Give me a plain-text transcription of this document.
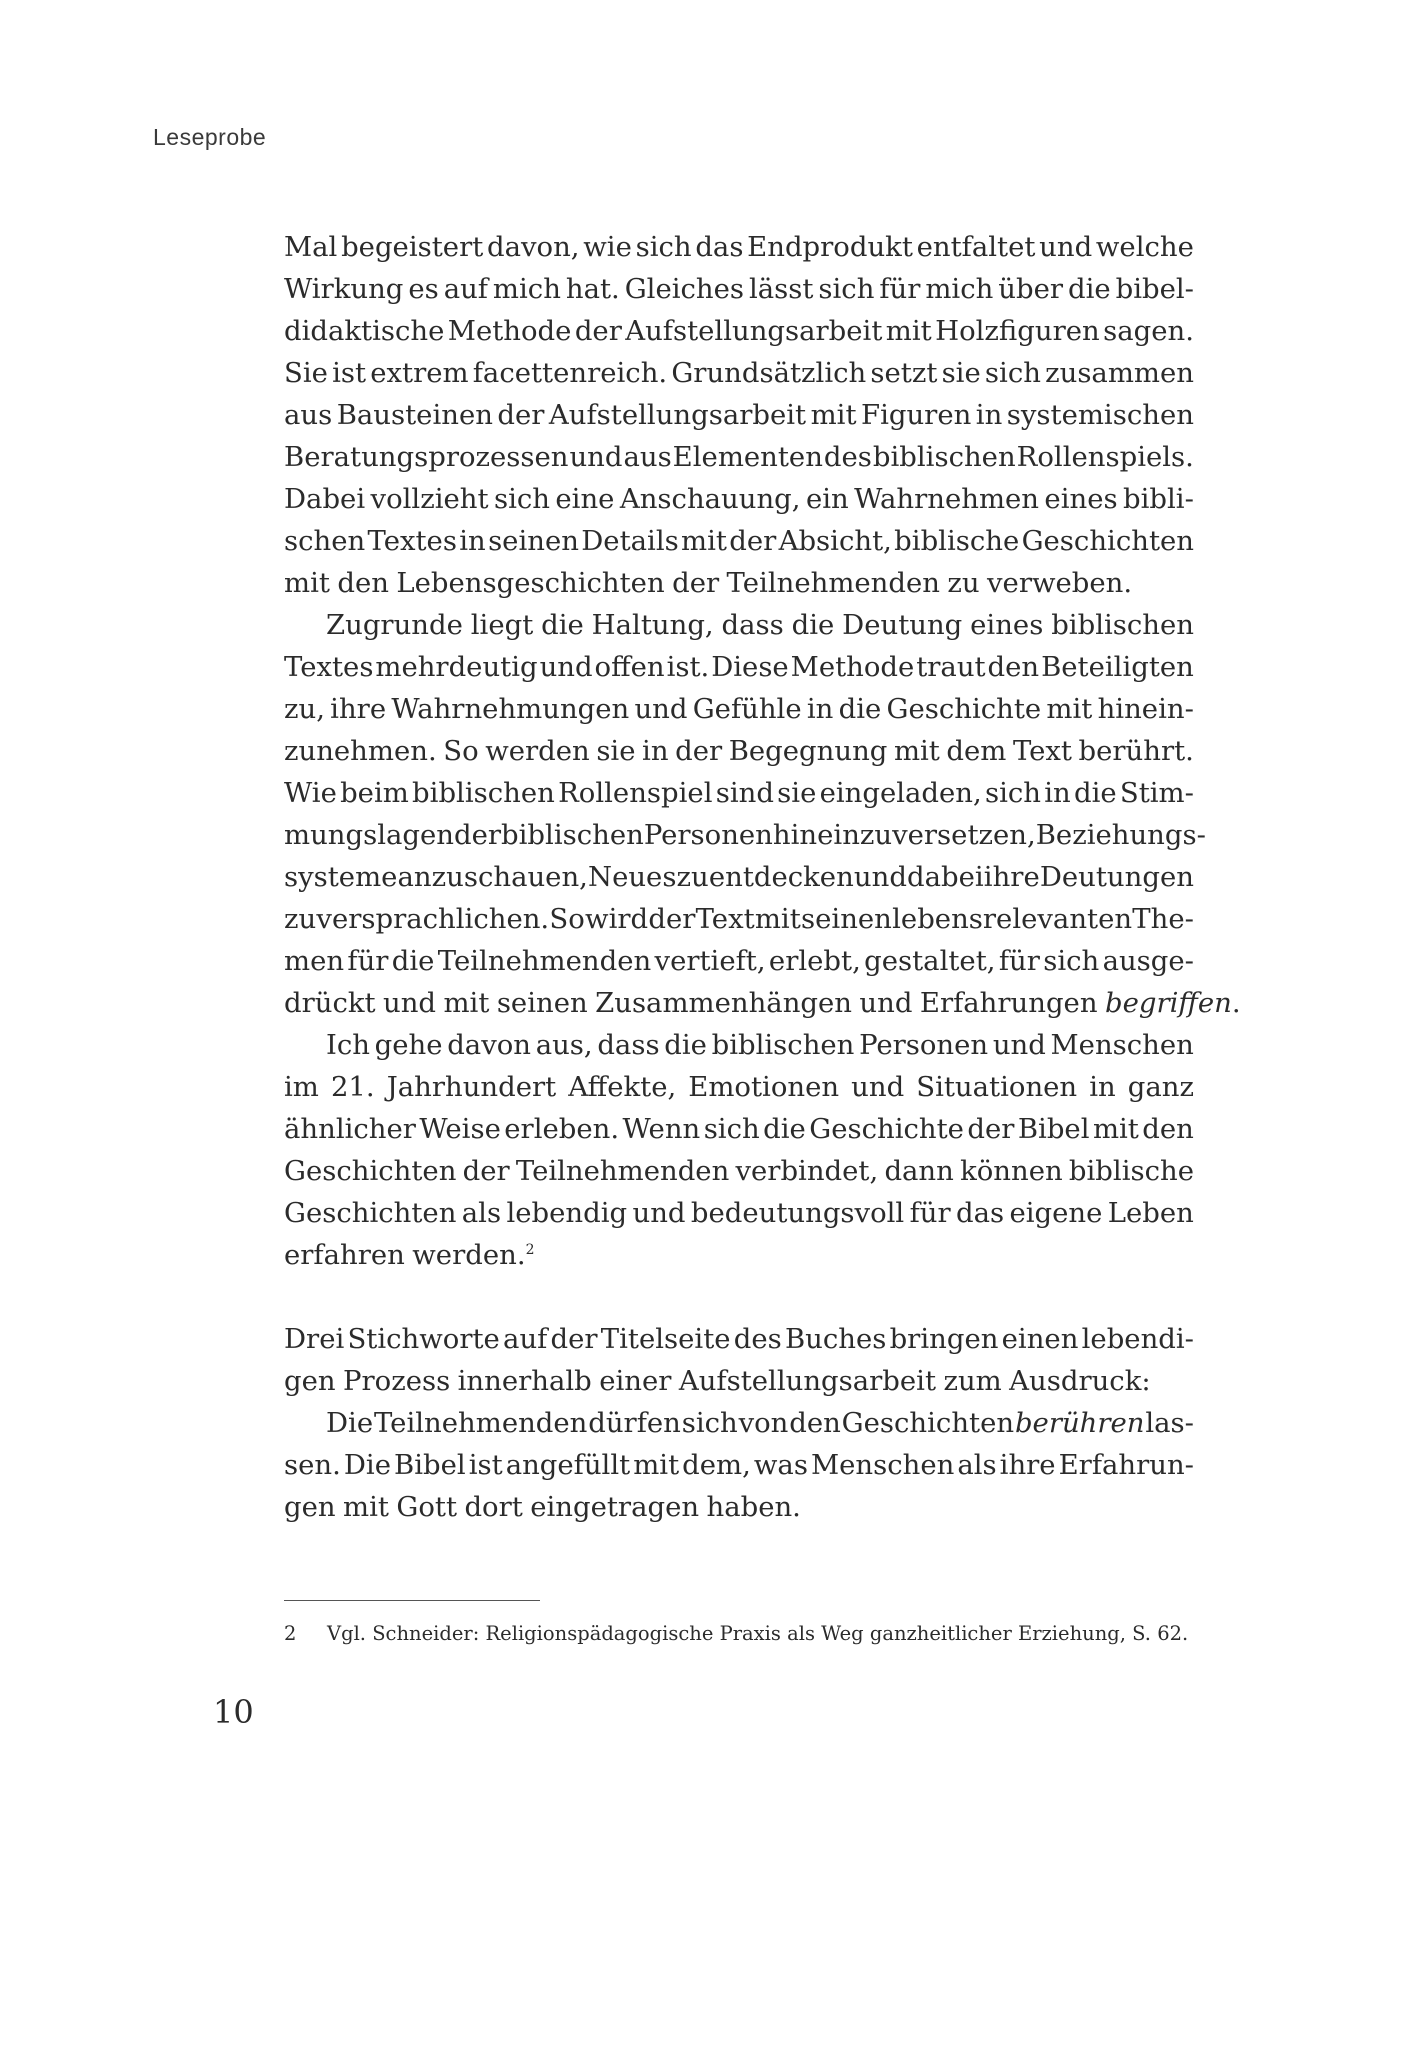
Leseprobe
Mal begeistert davon, wie sich das Endprodukt entfaltet und welche
Wirkung es auf mich hat. Gleiches lässt sich für mich über die bibel-
didaktische Methode der Aufstellungsarbeit mit Holzfiguren sagen.
Sie ist extrem facettenreich. Grundsätzlich setzt sie sich zusammen
aus Bausteinen der Aufstellungsarbeit mit Figuren in systemischen
Beratungsprozessen und aus Elementen des biblischen Rollenspiels.
Dabei vollzieht sich eine Anschauung, ein Wahrnehmen eines bibli-
schen Textes in seinen Details mit der Absicht, biblische Geschichten
mit den Lebensgeschichten der Teilnehmenden zu verweben.
Zugrunde liegt die Haltung, dass die Deutung eines biblischen
Textes mehrdeutig und offen ist. Diese Methode traut den Beteiligten
zu, ihre Wahrnehmungen und Gefühle in die Geschichte mit hinein-
zunehmen. So werden sie in der Begegnung mit dem Text berührt.
Wie beim biblischen Rollenspiel sind sie eingeladen, sich in die Stim-
mungslagen der biblischen Personen hineinzuversetzen, Beziehungs-
systeme anzuschauen, Neues zu entdecken und dabei ihre Deutungen
zu versprachlichen. So wird der Text mit seinen lebensrelevanten The-
men für die Teilnehmenden vertieft, erlebt, gestaltet, für sich ausge-
drückt und mit seinen Zusammenhängen und Erfahrungen begriffen.
Ich gehe davon aus, dass die biblischen Personen und Menschen
im 21. Jahrhundert Affekte, Emotionen und Situationen in ganz
ähnlicher Weise erleben. Wenn sich die Geschichte der Bibel mit den
Geschichten der Teilnehmenden verbindet, dann können biblische
Geschichten als lebendig und bedeutungsvoll für das eigene Leben
erfahren werden.$^2$
Drei Stichworte auf der Titelseite des Buches bringen einen lebendi-
gen Prozess innerhalb einer Aufstellungsarbeit zum Ausdruck:
Die Teilnehmenden dürfen sich von den Geschichten berühren las-
sen. Die Bibel ist angefüllt mit dem, was Menschen als ihre Erfahrun-
gen mit Gott dort eingetragen haben.
2 Vgl. Schneider: Religionspädagogische Praxis als Weg ganzheitlicher Erziehung, S. 62.
10
